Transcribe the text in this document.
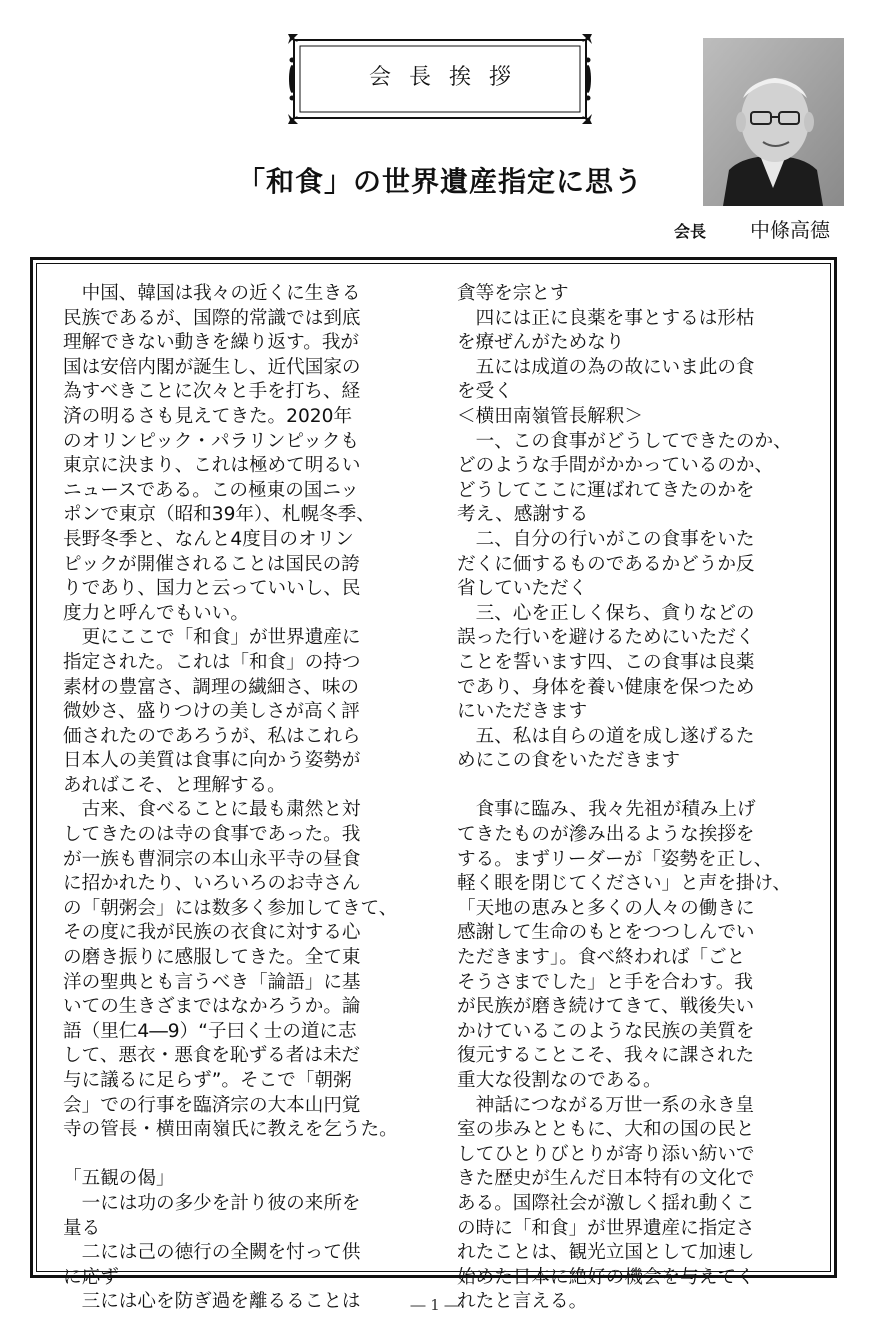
会長挨拶
「和食」の世界遺産指定に思う
会長 中條高德

　中国、韓国は我々の近くに生きる

民族であるが、国際的常識では到底

理解できない動きを繰り返す。我が

国は安倍内閣が誕生し、近代国家の

為すべきことに次々と手を打ち、経

済の明るさも見えてきた。2020年

のオリンピック・パラリンピックも

東京に決まり、これは極めて明るい

ニュースである。この極東の国ニッ

ポンで東京（昭和39年）、札幌冬季、

長野冬季と、なんと4度目のオリン

ピックが開催されることは国民の誇

りであり、国力と云っていいし、民

度力と呼んでもいい。

　更にここで「和食」が世界遺産に

指定された。これは「和食」の持つ

素材の豊富さ、調理の繊細さ、味の

微妙さ、盛りつけの美しさが高く評

価されたのであろうが、私はこれら

日本人の美質は食事に向かう姿勢が

あればこそ、と理解する。

　古来、食べることに最も粛然と対

してきたのは寺の食事であった。我

が一族も曹洞宗の本山永平寺の昼食

に招かれたり、いろいろのお寺さん

の「朝粥会」には数多く参加してきて、

その度に我が民族の衣食に対する心

の磨き振りに感服してきた。全て東

洋の聖典とも言うべき「論語」に基

いての生きざまではなかろうか。論

語（里仁4―9）“子曰く士の道に志

して、悪衣・悪食を恥ずる者は未だ

与に議るに足らず”。そこで「朝粥

会」での行事を臨済宗の大本山円覚

寺の管長・横田南嶺氏に教えを乞うた。

「五観の偈」

　一には功の多少を計り彼の来所を

量る

　二には己の徳行の全闕を忖って供

に応ず

　三には心を防ぎ過を離るることは

貪等を宗とす

　四には正に良薬を事とするは形枯

を療ぜんがためなり

　五には成道の為の故にいま此の食

を受く

＜横田南嶺管長解釈＞

　一、この食事がどうしてできたのか、

どのような手間がかかっているのか、

どうしてここに運ばれてきたのかを

考え、感謝する

　二、自分の行いがこの食事をいた

だくに価するものであるかどうか反

省していただく

　三、心を正しく保ち、貪りなどの

誤った行いを避けるためにいただく

ことを誓います四、この食事は良薬

であり、身体を養い健康を保つため

にいただきます

　五、私は自らの道を成し遂げるた

めにこの食をいただきます

　食事に臨み、我々先祖が積み上げ

てきたものが滲み出るような挨拶を

する。まずリーダーが「姿勢を正し、

軽く眼を閉じてください」と声を掛け、

「天地の恵みと多くの人々の働きに

感謝して生命のもとをつつしんでい

ただきます」。食べ終われば「ごと

そうさまでした」と手を合わす。我

が民族が磨き続けてきて、戦後失い

かけているこのような民族の美質を

復元することこそ、我々に課された

重大な役割なのである。

　神話につながる万世一系の永き皇

室の歩みとともに、大和の国の民と

してひとりびとりが寄り添い紡いで

きた歴史が生んだ日本特有の文化で

ある。国際社会が激しく揺れ動くこ

の時に「和食」が世界遺産に指定さ

れたことは、観光立国として加速し

始めた日本に絶好の機会を与えてく

れたと言える。

― 1 ―
